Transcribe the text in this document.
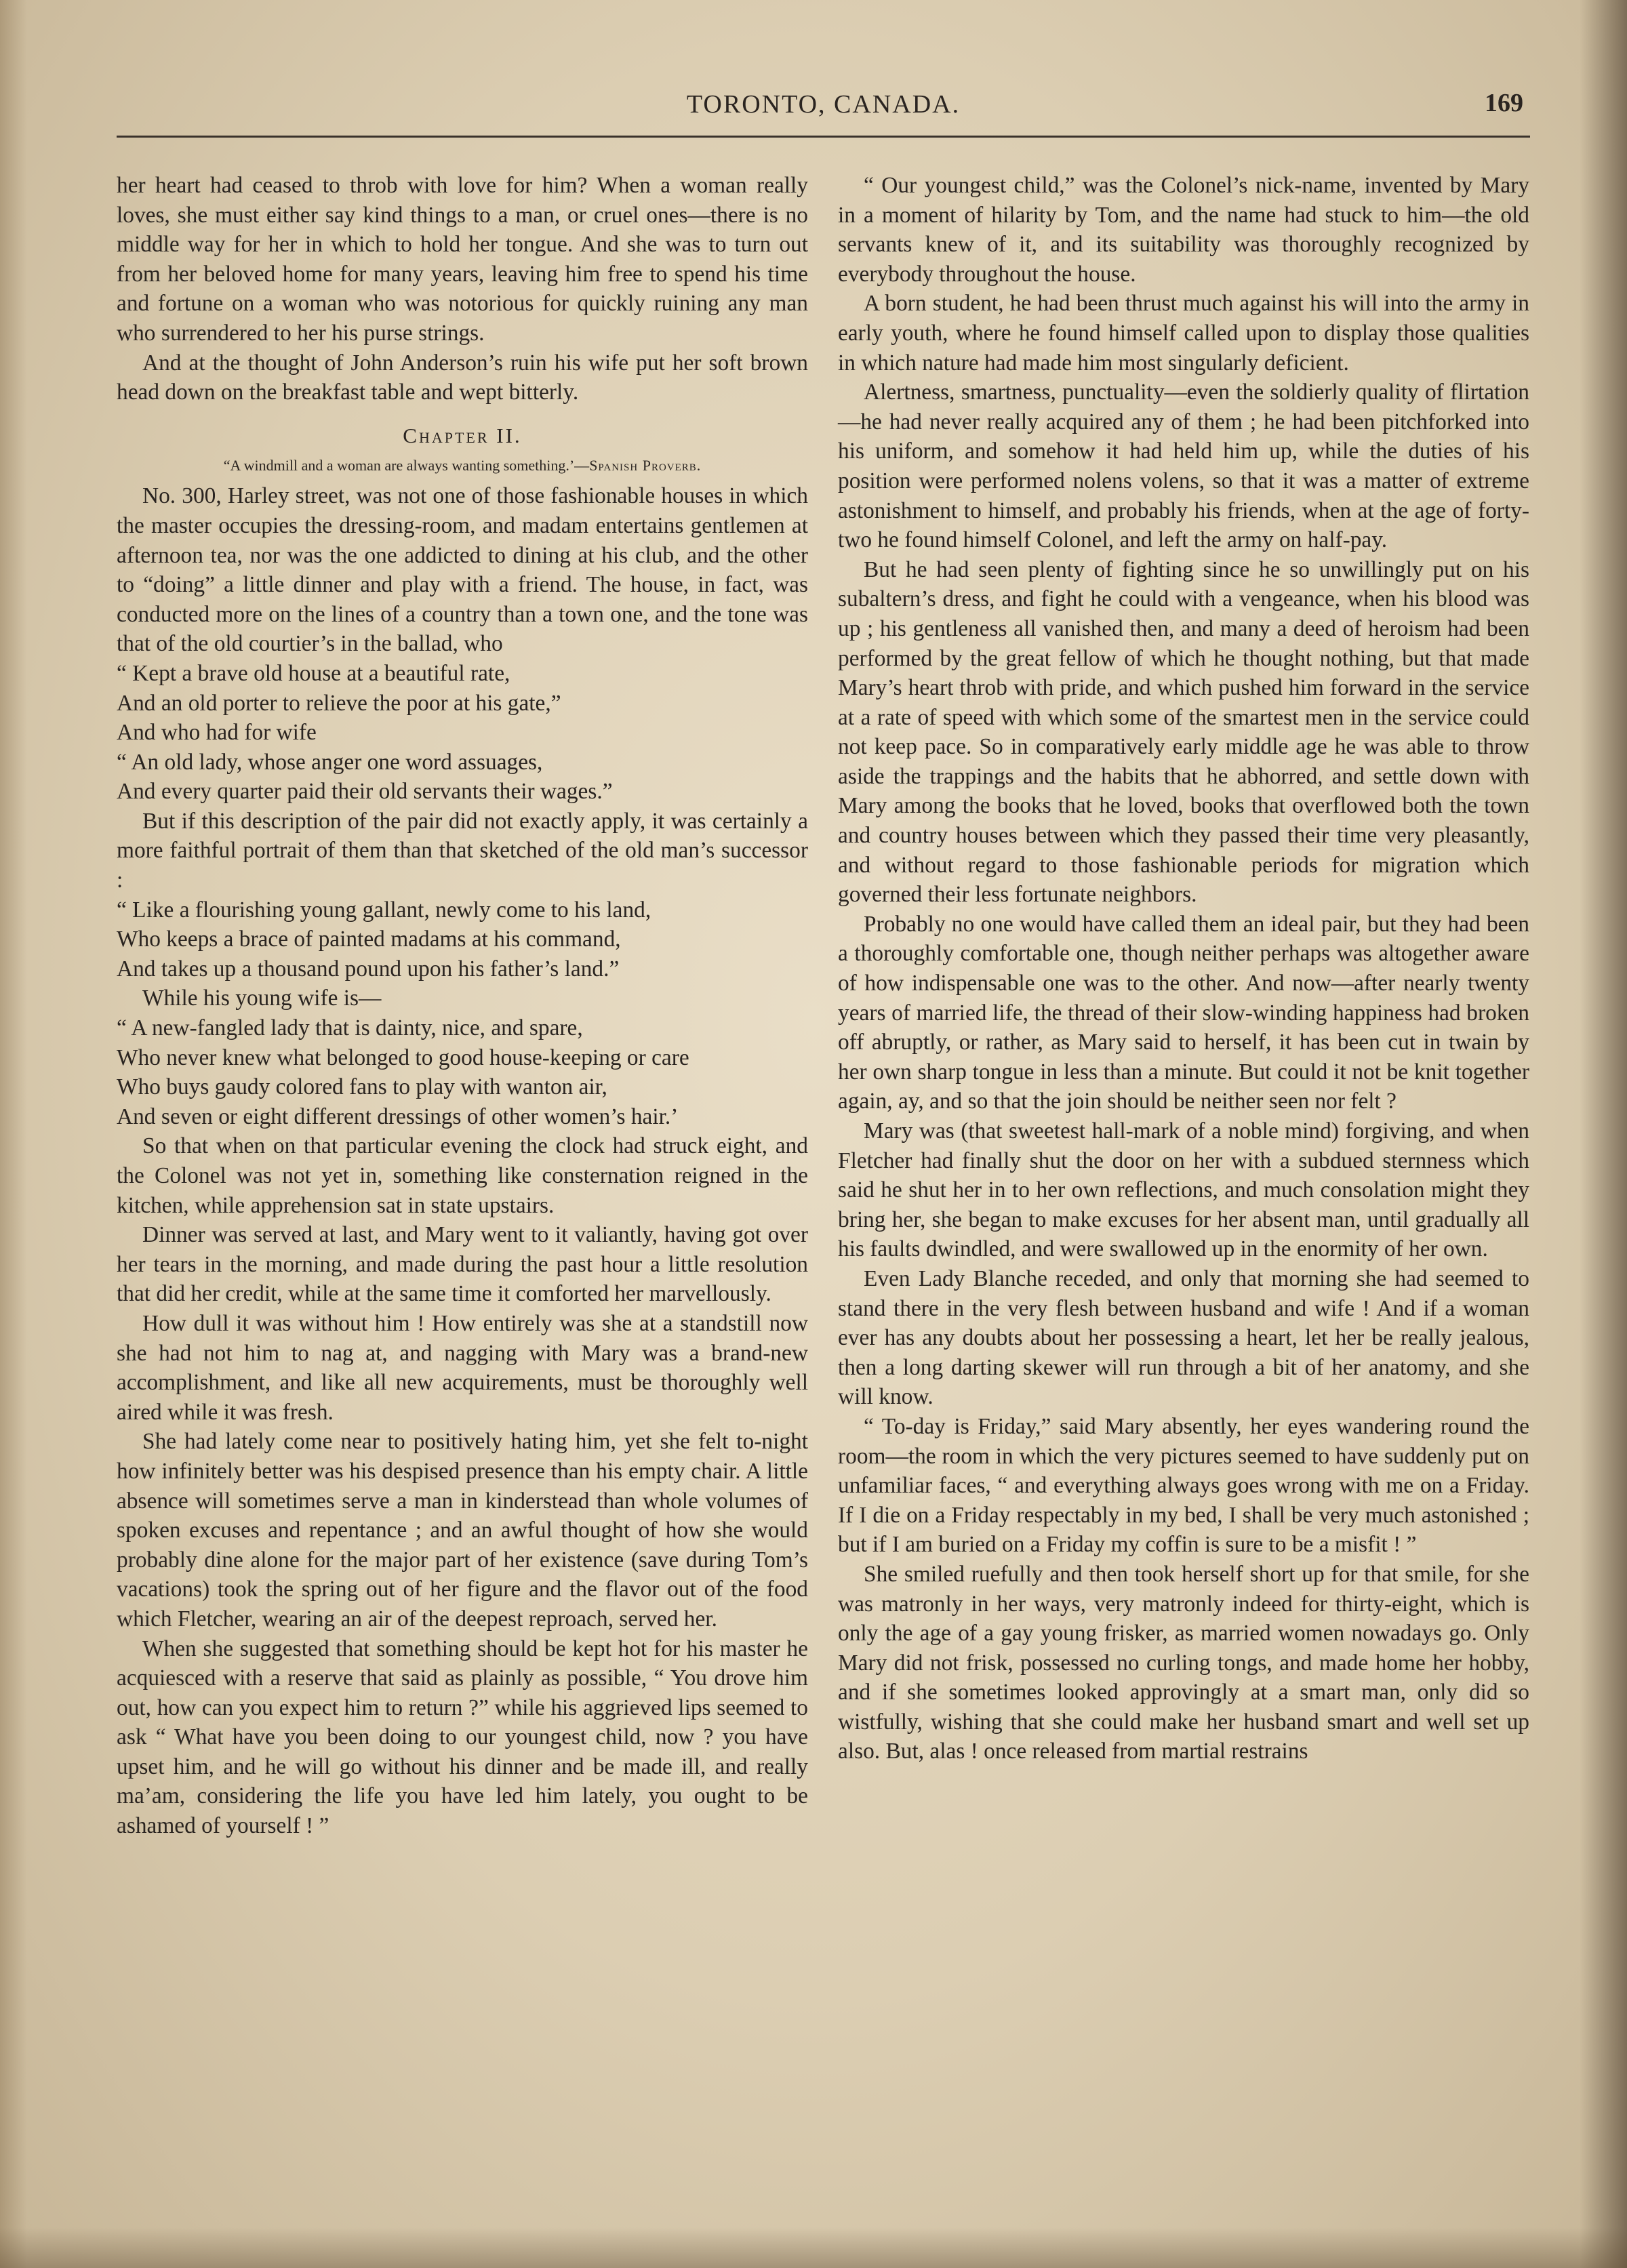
TORONTO, CANADA.	169

her heart had ceased to throb with love for him? When a woman really loves, she must either say kind things to a man, or cruel ones—there is no middle way for her in which to hold her tongue. And she was to turn out from her beloved home for many years, leaving him free to spend his time and fortune on a woman who was notorious for quickly ruining any man who surrendered to her his purse strings.

And at the thought of John Anderson’s ruin his wife put her soft brown head down on the breakfast table and wept bitterly.

Chapter II.
“A windmill and a woman are always wanting something.’—Spanish Proverb.

No. 300, Harley street, was not one of those fashionable houses in which the master occupies the dressing-room, and madam entertains gentlemen at afternoon tea, nor was the one addicted to dining at his club, and the other to “doing” a little dinner and play with a friend. The house, in fact, was conducted more on the lines of a country than a town one, and the tone was that of the old courtier’s in the ballad, who

“ Kept a brave old house at a beautiful rate,

And an old porter to relieve the poor at his gate,”

And who had for wife

“ An old lady, whose anger one word assuages,

And every quarter paid their old servants their wages.”

But if this description of the pair did not exactly apply, it was certainly a more faithful portrait of them than that sketched of the old man’s successor :

“ Like a flourishing young gallant, newly come to his land,

Who keeps a brace of painted madams at his command,

And takes up a thousand pound upon his father’s land.”

While his young wife is—

“ A new-fangled lady that is dainty, nice, and spare,

Who never knew what belonged to good house-keeping or care

Who buys gaudy colored fans to play with wanton air,

And seven or eight different dressings of other women’s hair.’

So that when on that particular evening the clock had struck eight, and the Colonel was not yet in, something like consternation reigned in the kitchen, while apprehension sat in state upstairs.

Dinner was served at last, and Mary went to it valiantly, having got over her tears in the morning, and made during the past hour a little resolution that did her credit, while at the same time it comforted her marvellously.

How dull it was without him ! How entirely was she at a standstill now she had not him to nag at, and nagging with Mary was a brand-new accomplishment, and like all new acquirements, must be thoroughly well aired while it was fresh.

She had lately come near to positively hating him, yet she felt to-night how infinitely better was his despised presence than his empty chair. A little absence will sometimes serve a man in kinderstead than whole volumes of spoken excuses and repentance ; and an awful thought of how she would probably dine alone for the major part of her existence (save during Tom’s vacations) took the spring out of her figure and the flavor out of the food which Fletcher, wearing an air of the deepest reproach, served her.

When she suggested that something should be kept hot for his master he acquiesced with a reserve that said as plainly as possible, “ You drove him out, how can you expect him to return ?” while his aggrieved lips seemed to ask “ What have you been doing to our youngest child, now ? you have upset him, and he will go without his dinner and be made ill, and really ma’am, considering the life you have led him lately, you ought to be ashamed of yourself ! ”

“ Our youngest child,” was the Colonel’s nick-name, invented by Mary in a moment of hilarity by Tom, and the name had stuck to him—the old servants knew of it, and its suitability was thoroughly recognized by everybody throughout the house.

A born student, he had been thrust much against his will into the army in early youth, where he found himself called upon to display those qualities in which nature had made him most singularly deficient.

Alertness, smartness, punctuality—even the soldierly quality of flirtation—he had never really acquired any of them ; he had been pitchforked into his uniform, and somehow it had held him up, while the duties of his position were performed nolens volens, so that it was a matter of extreme astonishment to himself, and probably his friends, when at the age of forty-two he found himself Colonel, and left the army on half-pay.

But he had seen plenty of fighting since he so unwillingly put on his subaltern’s dress, and fight he could with a vengeance, when his blood was up ; his gentleness all vanished then, and many a deed of heroism had been performed by the great fellow of which he thought nothing, but that made Mary’s heart throb with pride, and which pushed him forward in the service at a rate of speed with which some of the smartest men in the service could not keep pace. So in comparatively early middle age he was able to throw aside the trappings and the habits that he abhorred, and settle down with Mary among the books that he loved, books that overflowed both the town and country houses between which they passed their time very pleasantly, and without regard to those fashionable periods for migration which governed their less fortunate neighbors.

Probably no one would have called them an ideal pair, but they had been a thoroughly comfortable one, though neither perhaps was altogether aware of how indispensable one was to the other. And now—after nearly twenty years of married life, the thread of their slow-winding happiness had broken off abruptly, or rather, as Mary said to herself, it has been cut in twain by her own sharp tongue in less than a minute. But could it not be knit together again, ay, and so that the join should be neither seen nor felt ?

Mary was (that sweetest hall-mark of a noble mind) forgiving, and when Fletcher had finally shut the door on her with a subdued sternness which said he shut her in to her own reflections, and much consolation might they bring her, she began to make excuses for her absent man, until gradually all his faults dwindled, and were swallowed up in the enormity of her own.

Even Lady Blanche receded, and only that morning she had seemed to stand there in the very flesh between husband and wife ! And if a woman ever has any doubts about her possessing a heart, let her be really jealous, then a long darting skewer will run through a bit of her anatomy, and she will know.

“ To-day is Friday,” said Mary absently, her eyes wandering round the room—the room in which the very pictures seemed to have suddenly put on unfamiliar faces, “ and everything always goes wrong with me on a Friday. If I die on a Friday respectably in my bed, I shall be very much astonished ; but if I am buried on a Friday my coffin is sure to be a misfit ! ”

She smiled ruefully and then took herself short up for that smile, for she was matronly in her ways, very matronly indeed for thirty-eight, which is only the age of a gay young frisker, as married women nowadays go. Only Mary did not frisk, possessed no curling tongs, and made home her hobby, and if she sometimes looked approvingly at a smart man, only did so wistfully, wishing that she could make her husband smart and well set up also. But, alas ! once released from martial restrains
